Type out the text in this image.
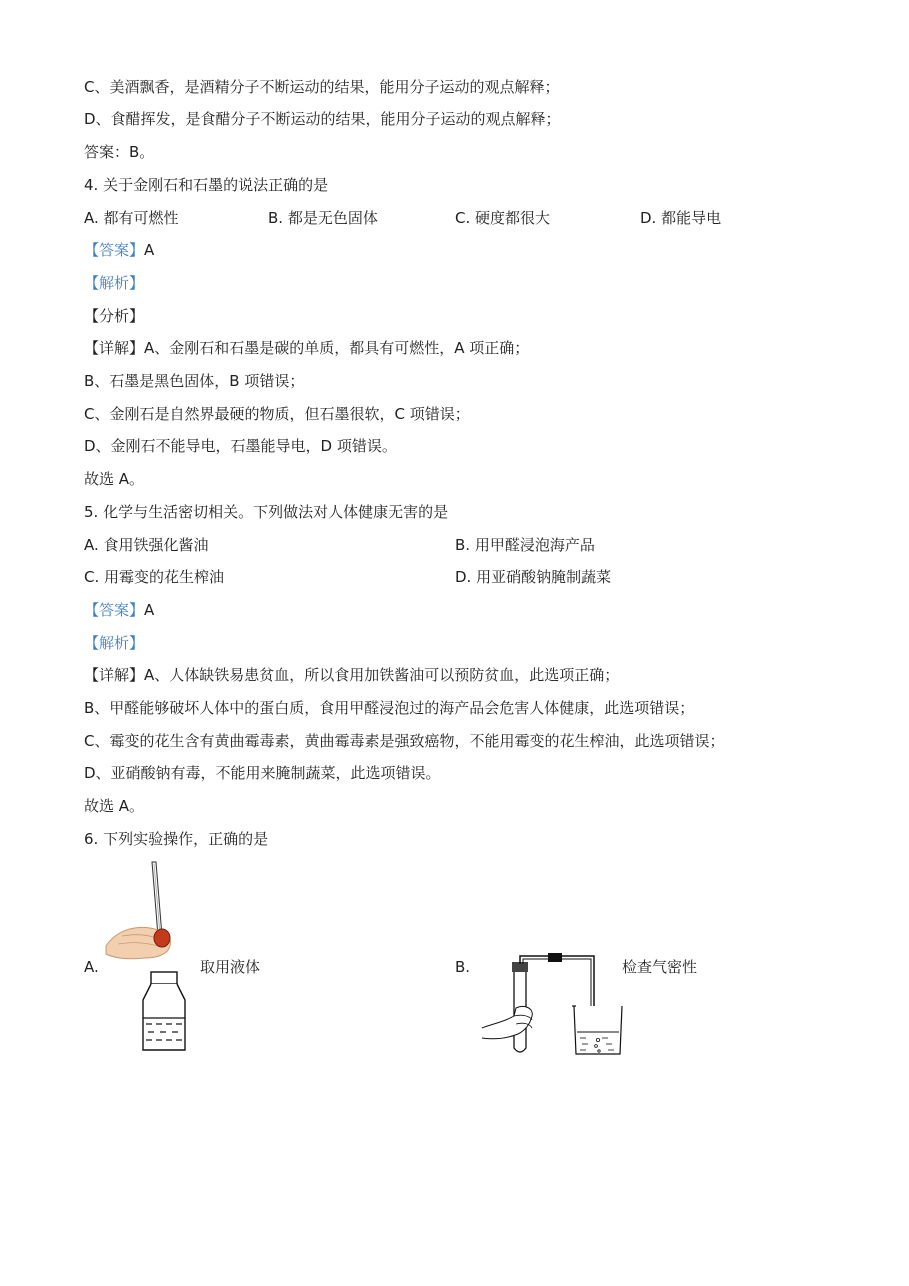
C、美酒飘香，是酒精分子不断运动的结果，能用分子运动的观点解释；
D、食醋挥发，是食醋分子不断运动的结果，能用分子运动的观点解释；
答案：B。
4. 关于金刚石和石墨的说法正确的是
A. 都有可燃性	B. 都是无色固体	C. 硬度都很大	D. 都能导电
【答案】A
【解析】
【分析】
【详解】A、金刚石和石墨是碳的单质，都具有可燃性，A 项正确；
B、石墨是黑色固体，B 项错误；
C、金刚石是自然界最硬的物质，但石墨很软，C 项错误；
D、金刚石不能导电，石墨能导电，D 项错误。
故选 A。
5. 化学与生活密切相关。下列做法对人体健康无害的是
A. 食用铁强化酱油	B. 用甲醛浸泡海产品
C. 用霉变的花生榨油	D. 用亚硝酸钠腌制蔬菜
【答案】A
【解析】
【详解】A、人体缺铁易患贫血，所以食用加铁酱油可以预防贫血，此选项正确；
B、甲醛能够破坏人体中的蛋白质，食用甲醛浸泡过的海产品会危害人体健康，此选项错误；
C、霉变的花生含有黄曲霉毒素，黄曲霉毒素是强致癌物，不能用霉变的花生榨油，此选项错误；
D、亚硝酸钠有毒，不能用来腌制蔬菜，此选项错误。
故选 A。
6. 下列实验操作，正确的是
A.	取用液体	B.	检查气密性
